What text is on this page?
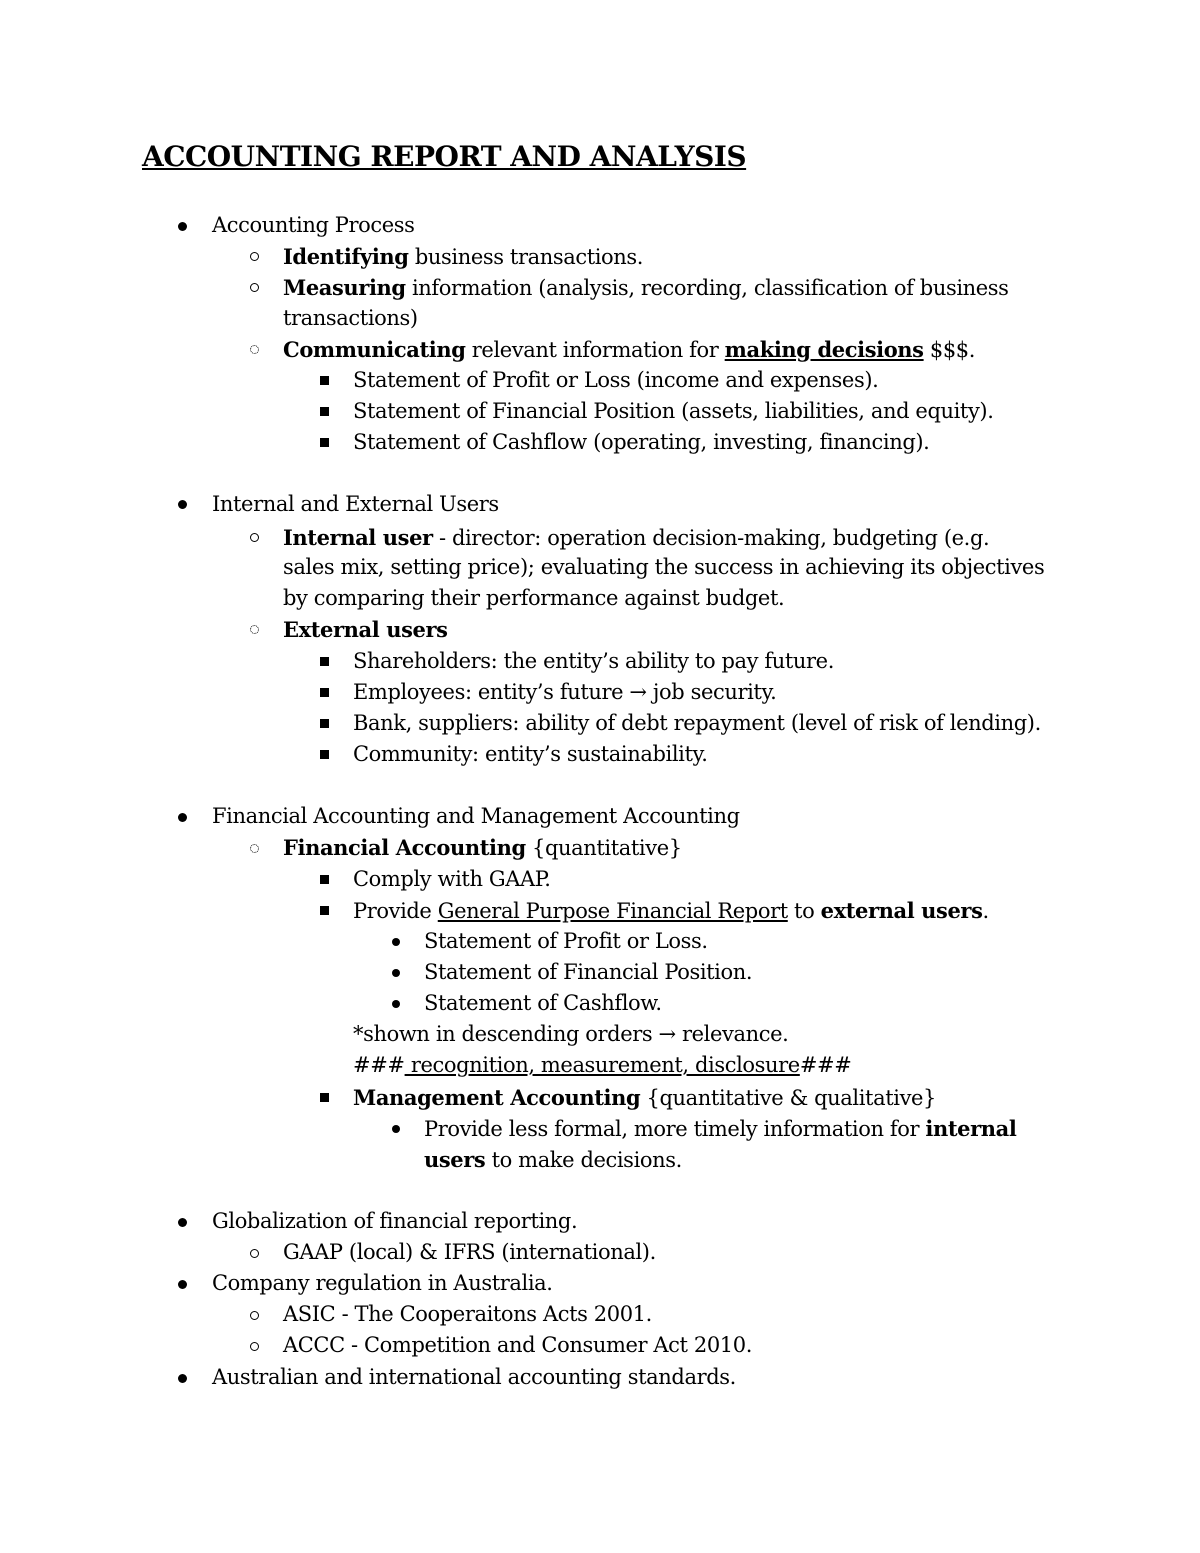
ACCOUNTING REPORT AND ANALYSIS
Accounting Process
Identifying business transactions.
Measuring information (analysis, recording, classification of business
transactions)
Communicating relevant information for making decisions $$$.
Statement of Profit or Loss (income and expenses).
Statement of Financial Position (assets, liabilities, and equity).
Statement of Cashflow (operating, investing, financing).
Internal and External Users
Internal user - director: operation decision-making, budgeting (e.g.
sales mix, setting price); evaluating the success in achieving its objectives
by comparing their performance against budget.
External users
Shareholders: the entity’s ability to pay future.
Employees: entity’s future → job security.
Bank, suppliers: ability of debt repayment (level of risk of lending).
Community: entity’s sustainability.
Financial Accounting and Management Accounting
Financial Accounting {quantitative}
Comply with GAAP.
Provide General Purpose Financial Report to external users.
Statement of Profit or Loss.
Statement of Financial Position.
Statement of Cashflow.
*shown in descending orders → relevance.
### recognition, measurement, disclosure###
Management Accounting {quantitative & qualitative}
Provide less formal, more timely information for internal
users to make decisions.
Globalization of financial reporting.
GAAP (local) & IFRS (international).
Company regulation in Australia.
ASIC - The Cooperaitons Acts 2001.
ACCC - Competition and Consumer Act 2010.
Australian and international accounting standards.
